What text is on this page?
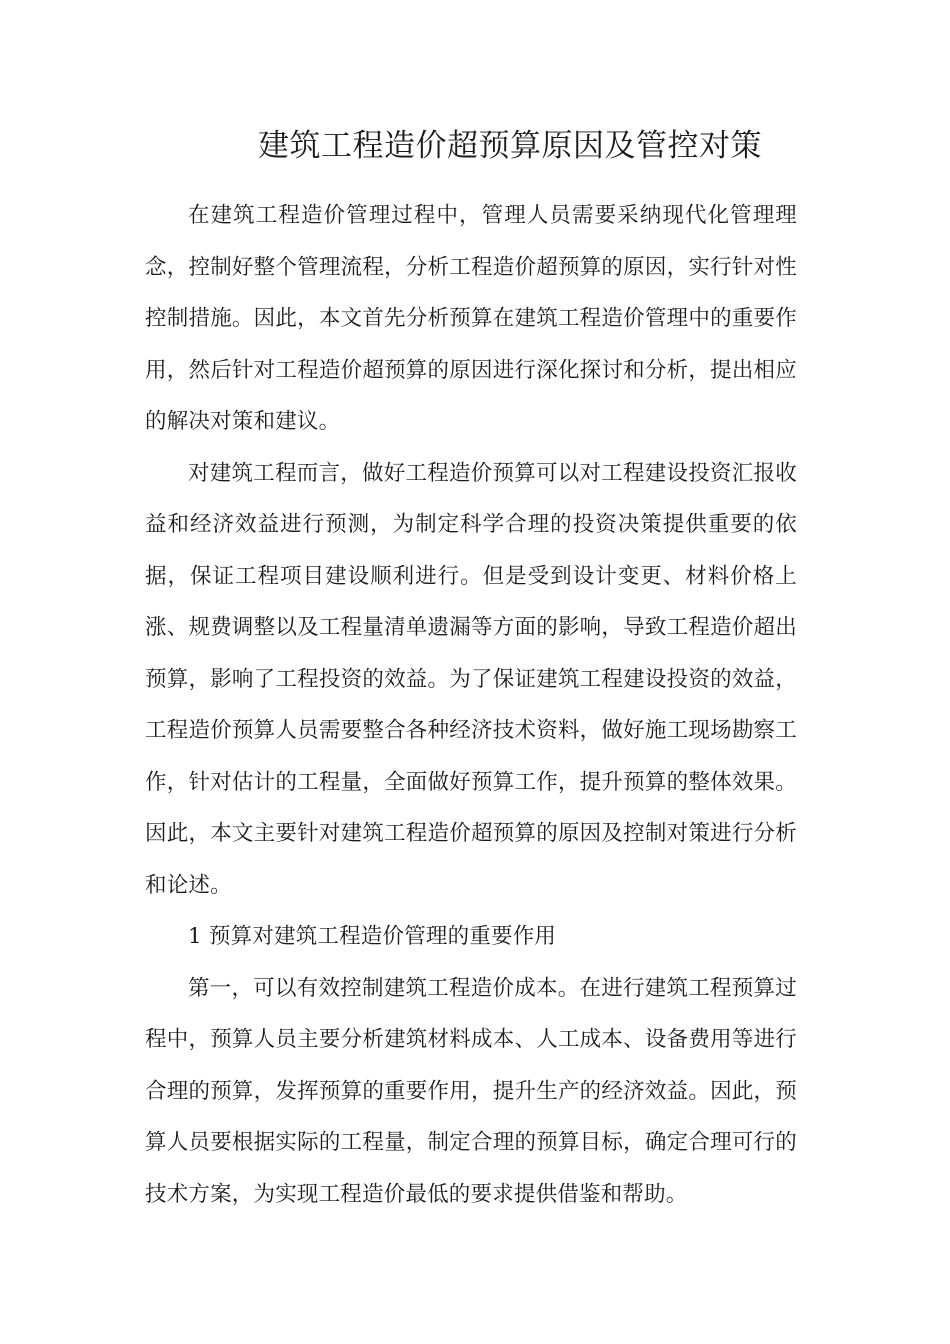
建筑工程造价超预算原因及管控对策

在建筑工程造价管理过程中，管理人员需要采纳现代化管理理念，控制好整个管理流程，分析工程造价超预算的原因，实行针对性控制措施。因此，本文首先分析预算在建筑工程造价管理中的重要作用，然后针对工程造价超预算的原因进行深化探讨和分析，提出相应的解决对策和建议。

对建筑工程而言，做好工程造价预算可以对工程建设投资汇报收益和经济效益进行预测，为制定科学合理的投资决策提供重要的依据，保证工程项目建设顺利进行。但是受到设计变更、材料价格上涨、规费调整以及工程量清单遗漏等方面的影响，导致工程造价超出预算，影响了工程投资的效益。为了保证建筑工程建设投资的效益，工程造价预算人员需要整合各种经济技术资料，做好施工现场勘察工作，针对估计的工程量，全面做好预算工作，提升预算的整体效果。因此，本文主要针对建筑工程造价超预算的原因及控制对策进行分析和论述。

1 预算对建筑工程造价管理的重要作用

第一，可以有效控制建筑工程造价成本。在进行建筑工程预算过程中，预算人员主要分析建筑材料成本、人工成本、设备费用等进行合理的预算，发挥预算的重要作用，提升生产的经济效益。因此，预算人员要根据实际的工程量，制定合理的预算目标，确定合理可行的技术方案，为实现工程造价最低的要求提供借鉴和帮助。
